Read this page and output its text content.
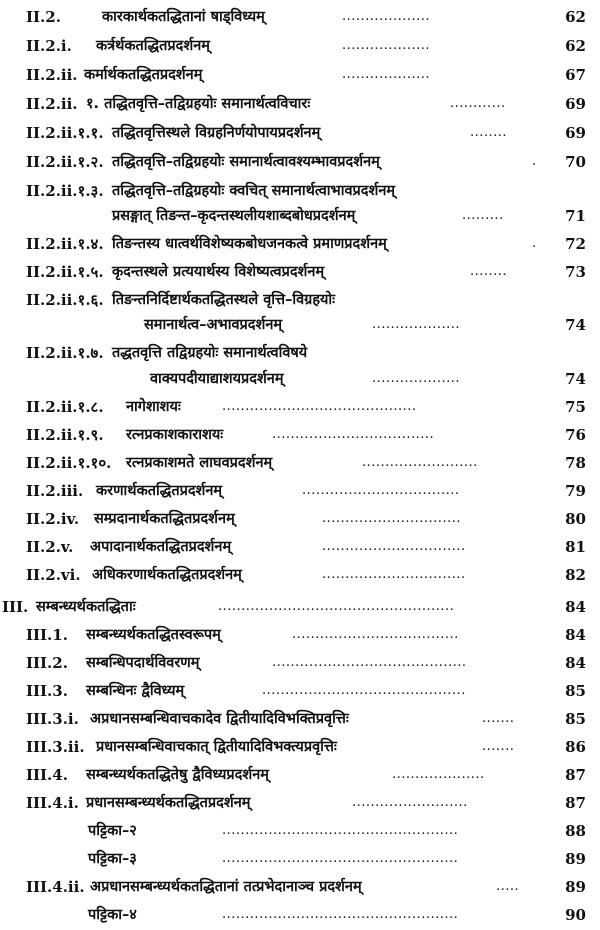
II.2.	कारकार्थकतद्धितानां षाड्विध्यम्	...................	62
II.2.i. कर्त्रर्थकतद्धितप्रदर्शनम्	...................	62
II.2.ii. कर्मार्थकतद्धितप्रदर्शनम्	...................	67
II.2.ii. १. तद्धितवृत्ति–तद्विग्रहयोः समानार्थत्वविचारः	............	69
II.2.ii.१.१. तद्धितवृत्तिस्थले विग्रहनिर्णयोपायप्रदर्शनम्	........	69
II.2.ii.१.२. तद्धितवृत्ति–तद्विग्रहयोः समानार्थत्वावश्यम्भावप्रदर्शनम्	.	70
II.2.ii.१.३. तद्धितवृत्ति–तद्विग्रहयोः क्वचित् समानार्थत्वाभावप्रदर्शनम्
प्रसङ्गात् तिङन्त–कृदन्तस्थलीयशाब्दबोधप्रदर्शनम्	.........	71
II.2.ii.१.४. तिङन्तस्य धात्वर्थविशेष्यकबोधजनकत्वे प्रमाणप्रदर्शनम्	.	72
II.2.ii.१.५. कृदन्तस्थले प्रत्ययार्थस्य विशेष्यत्वप्रदर्शनम्	........	73
II.2.ii.१.६. तिङन्तनिर्दिष्टार्थकतद्धितस्थले वृत्ति–विग्रहयोः
समानार्थत्व–अभावप्रदर्शनम्	...................	74
II.2.ii.१.७. तद्धतवृत्ति तद्विग्रहयोः समानार्थत्वविषये
वाक्यपदीयाद्याशयप्रदर्शनम्	...................	74
II.2.ii.१.८. नागेशाशयः	..........................................	75
II.2.ii.१.९. रत्नप्रकाशकाराशयः	...................................	76
II.2.ii.१.१०. रत्नप्रकाशमते लाघवप्रदर्शनम्	.........................	78
II.2.iii. करणार्थकतद्धितप्रदर्शनम्	..................................	79
II.2.iv. सम्प्रदानार्थकतद्धितप्रदर्शनम्	..............................	80
II.2.v. अपादानार्थकतद्धितप्रदर्शनम्	...............................	81
II.2.vi. अधिकरणार्थकतद्धितप्रदर्शनम्	...............................	82
III. सम्बन्ध्यर्थकतद्धिताः	...................................................	84
III.1. सम्बन्ध्यर्थकतद्धितस्वरूपम्	....................................	84
III.2. सम्बन्धिपदार्थविवरणम्	..........................................	84
III.3. सम्बन्धिनः द्वैविध्यम्	............................................	85
III.3.i. अप्रधानसम्बन्धिवाचकादेव द्वितीयादिविभक्तिप्रवृत्तिः	.......	85
III.3.ii. प्रधानसम्बन्धिवाचकात् द्वितीयादिविभक्त्यप्रवृत्तिः	.......	86
III.4. सम्बन्ध्यर्थकतद्धितेषु द्वैविध्यप्रदर्शनम्	....................	87
III.4.i. प्रधानसम्बन्ध्यर्थकतद्धितप्रदर्शनम्	.........................	87
पट्टिका–२	...................................................	88
पट्टिका–३	...................................................	89
III.4.ii. अप्रधानसम्बन्ध्यर्थकतद्धितानां तत्प्रभेदानाञ्च प्रदर्शनम्	.....	89
पट्टिका–४	...................................................	90
